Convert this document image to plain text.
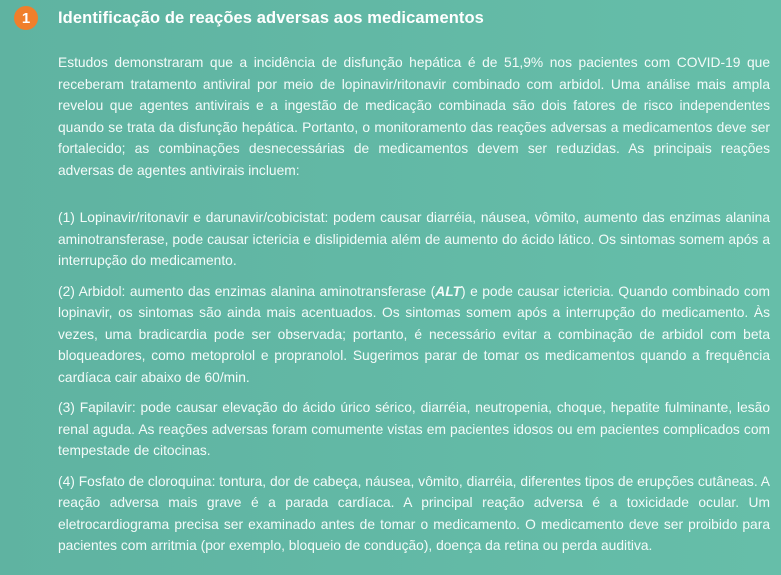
1	Identificação de reações adversas aos medicamentos

Estudos demonstraram que a incidência de disfunção hepática é de 51,9% nos pacientes com COVID-19 que receberam tratamento antiviral por meio de lopinavir/ritonavir combinado com arbidol. Uma análise mais ampla revelou que agentes antivirais e a ingestão de medicação combinada são dois fatores de risco independentes quando se trata da disfunção hepática. Portanto, o monitoramento das reações adversas a medicamentos deve ser fortalecido; as combinações desnecessárias de medicamentos devem ser reduzidas. As principais reações adversas de agentes antivirais incluem:

(1) Lopinavir/ritonavir e darunavir/cobicistat: podem causar diarréia, náusea, vômito, aumento das enzimas alanina aminotransferase, pode causar ictericia e dislipidemia além de aumento do ácido lático. Os sintomas somem após a interrupção do medicamento.

(2) Arbidol: aumento das enzimas alanina aminotransferase (ALT) e pode causar ictericia. Quando combinado com lopinavir, os sintomas são ainda mais acentuados. Os sintomas somem após a interrupção do medicamento. Às vezes, uma bradicardia pode ser observada; portanto, é necessário evitar a combinação de arbidol com beta bloqueadores, como metoprolol e propranolol. Sugerimos parar de tomar os medicamentos quando a frequência cardíaca cair abaixo de 60/min.

(3) Fapilavir: pode causar elevação do ácido úrico sérico, diarréia, neutropenia, choque, hepatite fulminante, lesão renal aguda. As reações adversas foram comumente vistas em pacientes idosos ou em pacientes complicados com tempestade de citocinas.

(4) Fosfato de cloroquina: tontura, dor de cabeça, náusea, vômito, diarréia, diferentes tipos de erupções cutâneas. A reação adversa mais grave é a parada cardíaca. A principal reação adversa é a toxicidade ocular. Um eletrocardiograma precisa ser examinado antes de tomar o medicamento. O medicamento deve ser proibido para pacientes com arritmia (por exemplo, bloqueio de condução), doença da retina ou perda auditiva.
